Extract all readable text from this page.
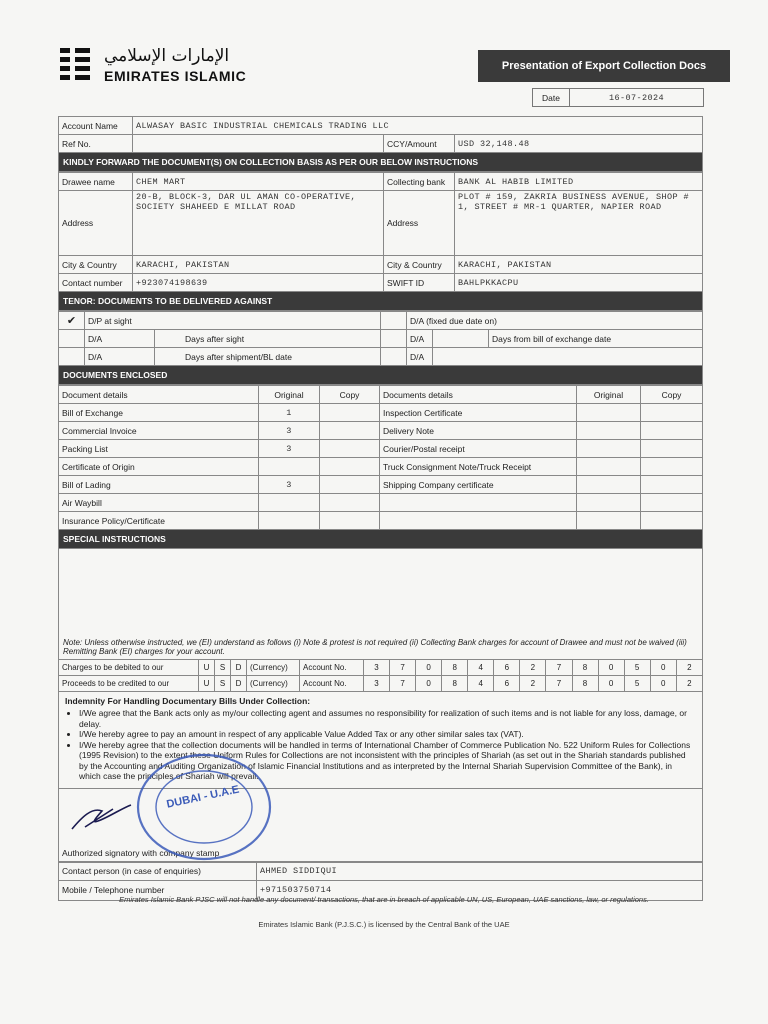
الإمارات الإسلامي
EMIRATES ISLAMIC
Presentation of Export Collection Docs
Date	16-07-2024
Account Name	ALWASAY BASIC INDUSTRIAL CHEMICALS TRADING LLC		
Ref No.		CCY/Amount	USD 32,148.48
KINDLY FORWARD THE DOCUMENT(S) ON COLLECTION BASIS AS PER OUR BELOW INSTRUCTIONS			
Drawee name	CHEM MART	Collecting bank	BANK AL HABIB LIMITED
Address	20-B, BLOCK-3, DAR UL AMAN CO-OPERATIVE, SOCIETY SHAHEED E MILLAT ROAD	Address	PLOT # 159, ZAKRIA BUSINESS AVENUE, SHOP # 1, STREET # MR-1 QUARTER, NAPIER ROAD
City & Country	KARACHI, PAKISTAN	City & Country	KARACHI, PAKISTAN
Contact number	+923074198639	SWIFT ID	BAHLPKKACPU
TENOR: DOCUMENTS TO BE DELIVERED AGAINST			
✔	D/P at sight			D/A (fixed due date on)		
	D/A	Days after sight		D/A		Days from bill of exchange date
	D/A	Days after shipment/BL date		D/A		
DOCUMENTS ENCLOSED						
Document details	Original	Copy	Documents details	Original	Copy
Bill of Exchange	1		Inspection Certificate		
Commercial Invoice	3		Delivery Note		
Packing List	3		Courier/Postal receipt		
Certificate of Origin			Truck Consignment Note/Truck Receipt		
Bill of Lading	3		Shipping Company certificate		
Air Waybill					
Insurance Policy/Certificate					
SPECIAL INSTRUCTIONS					

Note: Unless otherwise instructed, we (EI) understand as follows (i) Note & protest is not required (ii) Collecting Bank charges for account of Drawee and must not be waived (iii) Remitting Bank (EI) charges for your account.
Charges to be debited to our	U	S	D	(Currency)	Account No.	3	7	0	8	4	6	2	7	8	0	5	0	2
Proceeds to be credited to our	U	S	D	(Currency)	Account No.	3	7	0	8	4	6	2	7	8	0	5	0	2
Indemnity For Handling Documentary Bills Under Collection:
• I/We agree that the Bank acts only as my/our collecting agent and assumes no responsibility for realization of such items and is not liable for any loss, damage, or delay.
• I/We hereby agree to pay an amount in respect of any applicable Value Added Tax or any other similar sales tax (VAT).
• I/We hereby agree that the collection documents will be handled in terms of International Chamber of Commerce Publication No. 522 Uniform Rules for Collections (1995 Revision) to the extent these Uniform Rules for Collections are not inconsistent with the principles of Shariah (as set out in the Shariah standards published by the Accounting and Auditing Organization of Islamic Financial Institutions and as interpreted by the Internal Shariah Supervision Committee of the Bank), in which case the principles of Shariah will prevail.
Authorized signatory with company stamp
Contact person (in case of enquiries)	AHMED SIDDIQUI
Mobile / Telephone number	+971503750714
DUBAI - U.A.E
Emirates Islamic Bank PJSC will not handle any document/ transactions, that are in breach of applicable UN, US, European, UAE sanctions, law, or regulations.
Emirates Islamic Bank (P.J.S.C.) is licensed by the Central Bank of the UAE
